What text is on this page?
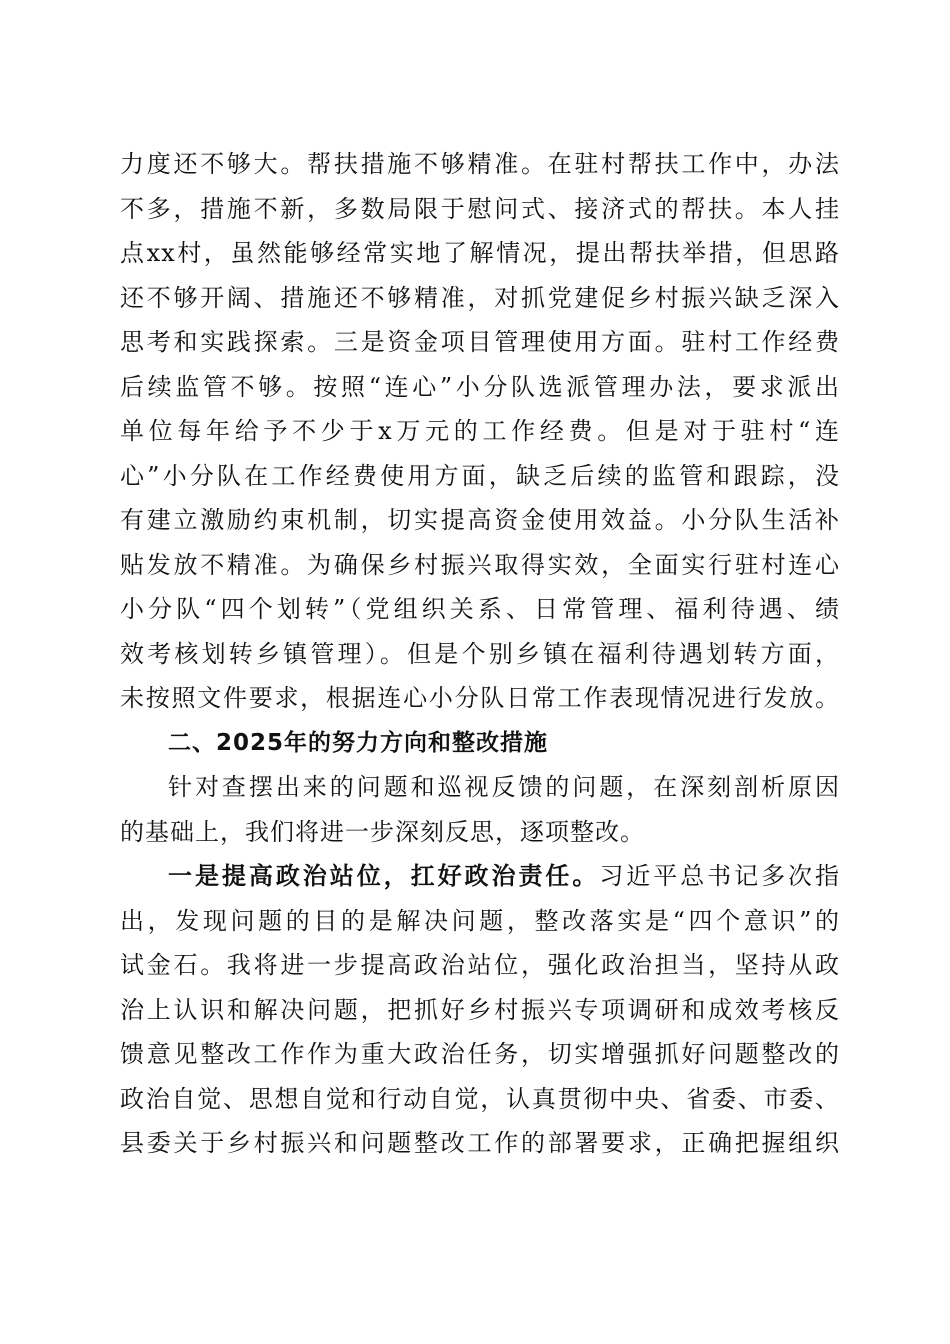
力度还不够大。帮扶措施不够精准。在驻村帮扶工作中，办法
不多，措施不新，多数局限于慰问式、接济式的帮扶。本人挂
点xx村，虽然能够经常实地了解情况，提出帮扶举措，但思路
还不够开阔、措施还不够精准，对抓党建促乡村振兴缺乏深入
思考和实践探索。三是资金项目管理使用方面。驻村工作经费
后续监管不够。按照“连心”小分队选派管理办法，要求派出
单位每年给予不少于x万元的工作经费。但是对于驻村“连
心”小分队在工作经费使用方面，缺乏后续的监管和跟踪，没
有建立激励约束机制，切实提高资金使用效益。小分队生活补
贴发放不精准。为确保乡村振兴取得实效，全面实行驻村连心
小分队“四个划转”（党组织关系、日常管理、福利待遇、绩
效考核划转乡镇管理）。但是个别乡镇在福利待遇划转方面，
未按照文件要求，根据连心小分队日常工作表现情况进行发放。
二、2025年的努力方向和整改措施
针对查摆出来的问题和巡视反馈的问题，在深刻剖析原因
的基础上，我们将进一步深刻反思，逐项整改。
一是提高政治站位，扛好政治责任。习近平总书记多次指
出，发现问题的目的是解决问题，整改落实是“四个意识”的
试金石。我将进一步提高政治站位，强化政治担当，坚持从政
治上认识和解决问题，把抓好乡村振兴专项调研和成效考核反
馈意见整改工作作为重大政治任务，切实增强抓好问题整改的
政治自觉、思想自觉和行动自觉，认真贯彻中央、省委、市委、
县委关于乡村振兴和问题整改工作的部署要求，正确把握组织
